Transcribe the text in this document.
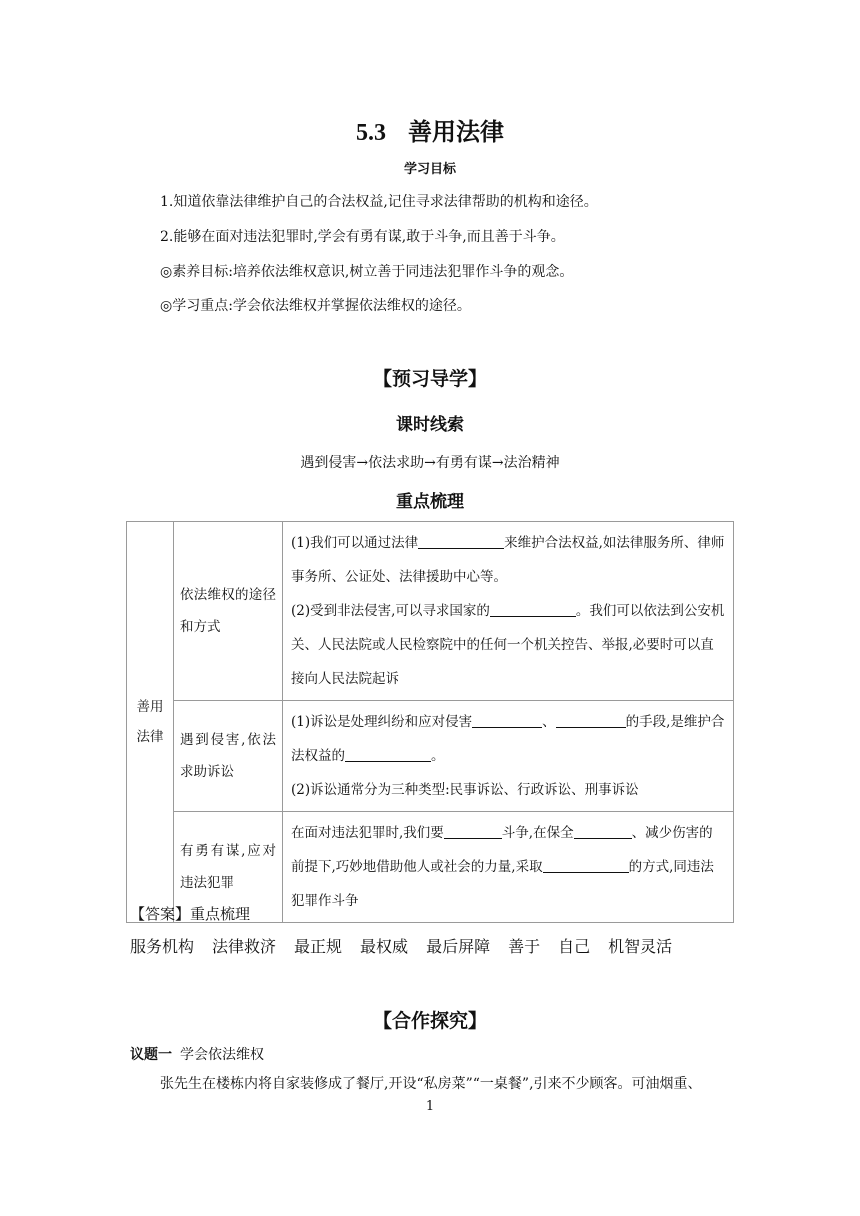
5.3 善用法律
学习目标
1.知道依靠法律维护自己的合法权益,记住寻求法律帮助的机构和途径。
2.能够在面对违法犯罪时,学会有勇有谋,敢于斗争,而且善于斗争。
◎素养目标:培养依法维权意识,树立善于同违法犯罪作斗争的观念。
◎学习重点:学会依法维权并掌握依法维权的途径。
【预习导学】
课时线索
遇到侵害→依法求助→有勇有谋→法治精神
重点梳理
善用 法律	依法维权的途径和方式	(1)我们可以通过法律 来维护合法权益,如法律服务所、律师事务所、公证处、法律援助中心等。
(2)受到非法侵害,可以寻求国家的 。我们可以依法到公安机关、人民法院或人民检察院中的任何一个机关控告、举报,必要时可以直接向人民法院起诉
	遇到侵害,依法求助诉讼	(1)诉讼是处理纠纷和应对侵害 、 的手段,是维护合法权益的 。
(2)诉讼通常分为三种类型:民事诉讼、行政诉讼、刑事诉讼
	有勇有谋,应对违法犯罪	在面对违法犯罪时,我们要 斗争,在保全 、减少伤害的前提下,巧妙地借助他人或社会的力量,采取 的方式,同违法犯罪作斗争
【答案】重点梳理
服务机构 法律救济 最正规 最权威 最后屏障 善于 自己 机智灵活
【合作探究】
议题一 学会依法维权
张先生在楼栋内将自家装修成了餐厅,开设“私房菜”“一桌餐”,引来不少顾客。可油烟重、
1
